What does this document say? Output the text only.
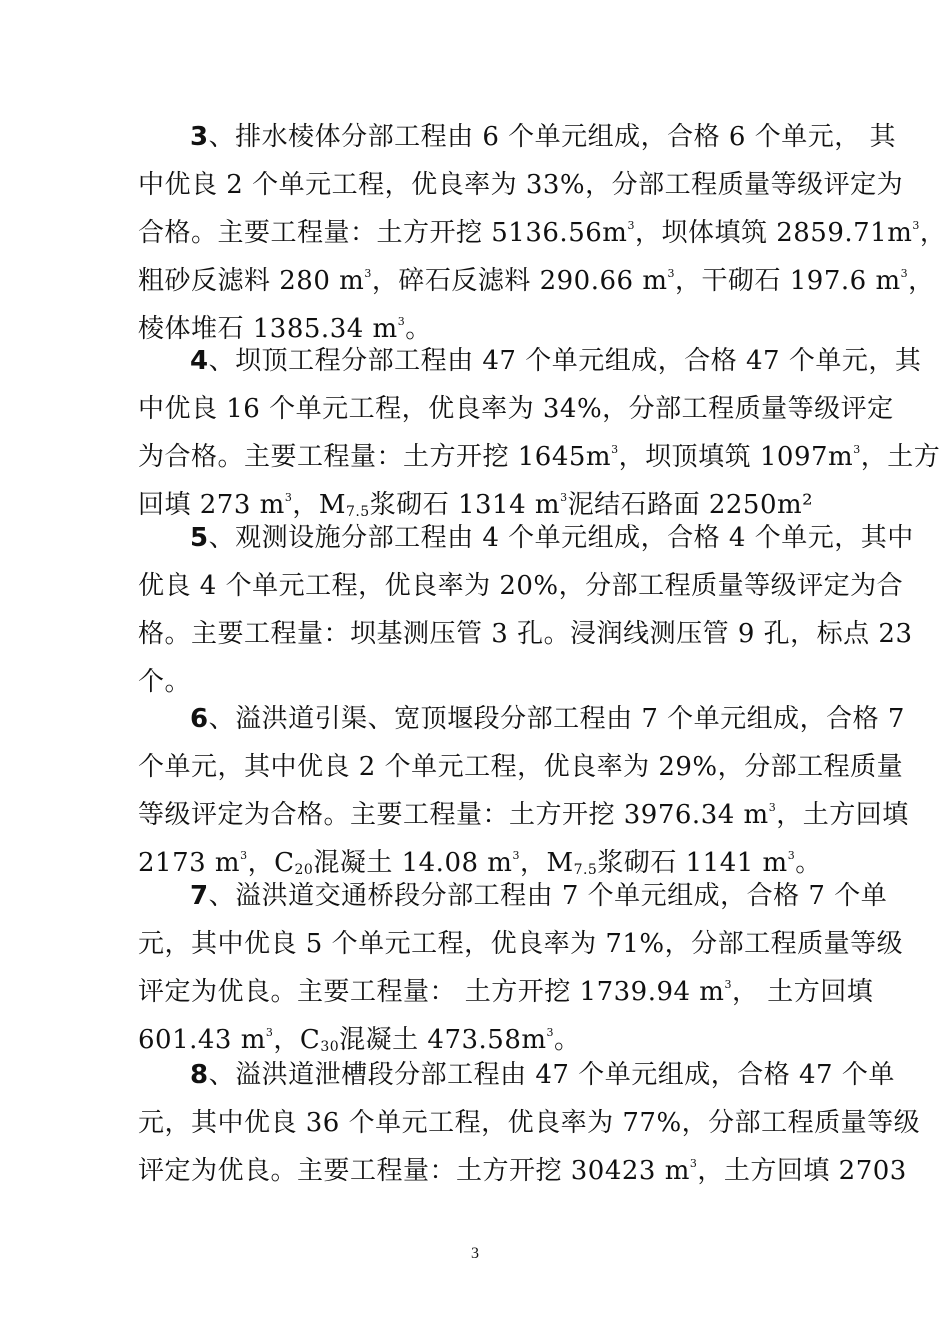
3、排水棱体分部工程由 6 个单元组成，合格 6 个单元， 其
中优良 2 个单元工程，优良率为 33%，分部工程质量等级评定为
合格。主要工程量：土方开挖 $5136.56m^3$，坝体填筑 $2859.71m^3$，
粗砂反滤料 280 $m^3$，碎石反滤料 290.66 $m^3$，干砌石 197.6 $m^3$，
棱体堆石 1385.34 $m^3$。
4、坝顶工程分部工程由 47 个单元组成，合格 47 个单元，其
中优良 16 个单元工程，优良率为 34%，分部工程质量等级评定
为合格。主要工程量：土方开挖 $1645m^3$，坝顶填筑 $1097m^3$，土方
回填 273 $m^3$，$M_{7.5}$浆砌石 1314 $m^3$泥结石路面 2250m²
5、观测设施分部工程由 4 个单元组成，合格 4 个单元，其中
优良 4 个单元工程，优良率为 20%，分部工程质量等级评定为合
格。主要工程量：坝基测压管 3 孔。浸润线测压管 9 孔，标点 23
个。
6、溢洪道引渠、宽顶堰段分部工程由 7 个单元组成，合格 7
个单元，其中优良 2 个单元工程，优良率为 29%，分部工程质量
等级评定为合格。主要工程量：土方开挖 3976.34 $m^3$，土方回填
2173 $m^3$，$C_{20}$混凝土 14.08 $m^3$，$M_{7.5}$浆砌石 1141 $m^3$。
7、溢洪道交通桥段分部工程由 7 个单元组成，合格 7 个单
元，其中优良 5 个单元工程，优良率为 71%，分部工程质量等级
评定为优良。主要工程量： 土方开挖 1739.94 $m^3$， 土方回填
601.43 $m^3$，$C_{30}$混凝土 $473.58m^3$。
8、溢洪道泄槽段分部工程由 47 个单元组成，合格 47 个单
元，其中优良 36 个单元工程，优良率为 77%，分部工程质量等级
评定为优良。主要工程量：土方开挖 30423 $m^3$，土方回填 2703
3
